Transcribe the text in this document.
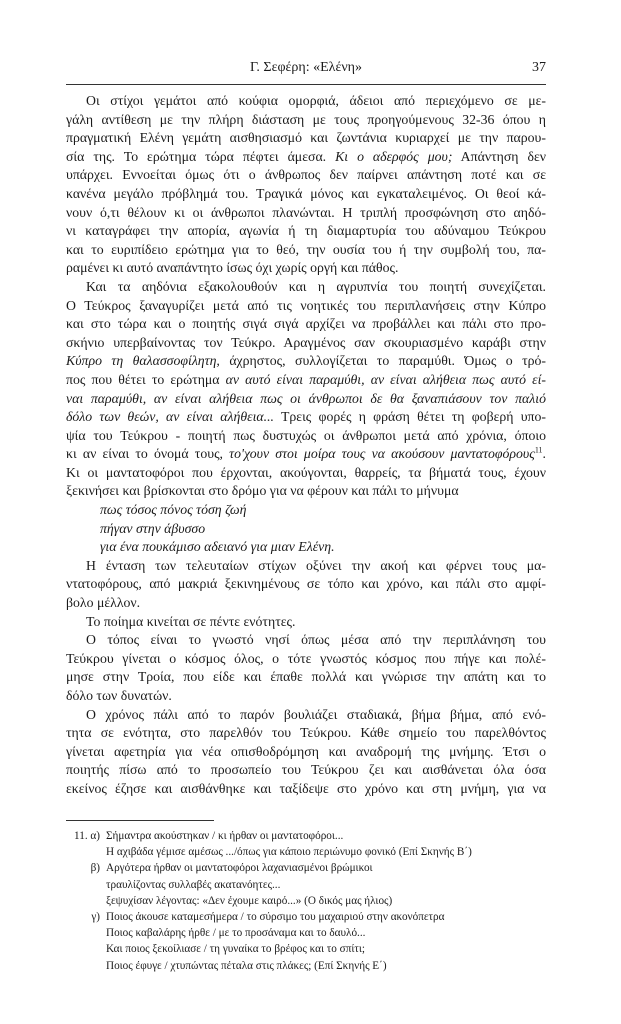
Γ. Σεφέρη: «Ελένη»	37
Οι στίχοι γεμάτοι από κούφια ομορφιά, άδειοι από περιεχόμενο σε με-
γάλη αντίθεση με την πλήρη διάσταση με τους προηγούμενους 32-36 όπου η
πραγματική Ελένη γεμάτη αισθησιασμό και ζωντάνια κυριαρχεί με την παρου-
σία της. Το ερώτημα τώρα πέφτει άμεσα. Κι ο αδερφός μου; Απάντηση δεν
υπάρχει. Εννοείται όμως ότι ο άνθρωπος δεν παίρνει απάντηση ποτέ και σε
κανένα μεγάλο πρόβλημά του. Τραγικά μόνος και εγκαταλειμένος. Οι θεοί κά-
νουν ό,τι θέλουν κι οι άνθρωποι πλανώνται. Η τριπλή προσφώνηση στο αηδό-
νι καταγράφει την απορία, αγωνία ή τη διαμαρτυρία του αδύναμου Τεύκρου
και το ευριπίδειο ερώτημα για το θεό, την ουσία του ή την συμβολή του, πα-
ραμένει κι αυτό αναπάντητο ίσως όχι χωρίς οργή και πάθος.
Και τα αηδόνια εξακολουθούν και η αγρυπνία του ποιητή συνεχίζεται.
Ο Τεύκρος ξαναγυρίζει μετά από τις νοητικές του περιπλανήσεις στην Κύπρο
και στο τώρα και ο ποιητής σιγά σιγά αρχίζει να προβάλλει και πάλι στο προ-
σκήνιο υπερβαίνοντας τον Τεύκρο. Αραγμένος σαν σκουριασμένο καράβι στην
Κύπρο τη θαλασσοφίλητη, άχρηστος, συλλογίζεται το παραμύθι. Όμως ο τρό-
πος που θέτει το ερώτημα αν αυτό είναι παραμύθι, αν είναι αλήθεια πως αυτό εί-
ναι παραμύθι, αν είναι αλήθεια πως οι άνθρωποι δε θα ξαναπιάσουν τον παλιό
δόλο των θεών, αν είναι αλήθεια... Τρεις φορές η φράση θέτει τη φοβερή υπο-
ψία του Τεύκρου - ποιητή πως δυστυχώς οι άνθρωποι μετά από χρόνια, όποιο
κι αν είναι το όνομά τους, το'χουν στοι μοίρα τους να ακούσουν μαντατοφόρους$^{11}$.
Κι οι μαντατοφόροι που έρχονται, ακούγονται, θαρρείς, τα βήματά τους, έχουν
ξεκινήσει και βρίσκονται στο δρόμο για να φέρουν και πάλι το μήνυμα
πως τόσος πόνος τόση ζωή
πήγαν στην άβυσσο
για ένα πουκάμισο αδειανό για μιαν Ελένη.
Η ένταση των τελευταίων στίχων οξύνει την ακοή και φέρνει τους μα-
ντατοφόρους, από μακριά ξεκινημένους σε τόπο και χρόνο, και πάλι στο αμφί-
βολο μέλλον.
Το ποίημα κινείται σε πέντε ενότητες.
Ο τόπος είναι το γνωστό νησί όπως μέσα από την περιπλάνηση του
Τεύκρου γίνεται ο κόσμος όλος, ο τότε γνωστός κόσμος που πήγε και πολέ-
μησε στην Τροία, που είδε και έπαθε πολλά και γνώρισε την απάτη και το
δόλο των δυνατών.
Ο χρόνος πάλι από το παρόν βουλιάζει σταδιακά, βήμα βήμα, από ενό-
τητα σε ενότητα, στο παρελθόν του Τεύκρου. Κάθε σημείο του παρελθόντος
γίνεται αφετηρία για νέα οπισθοδρόμηση και αναδρομή της μνήμης. Έτσι ο
ποιητής πίσω από το προσωπείο του Τεύκρου ζει και αισθάνεται όλα όσα
εκείνος έζησε και αισθάνθηκε και ταξίδεψε στο χρόνο και στη μνήμη, για να
11. α) Σήμαντρα ακούστηκαν / κι ήρθαν οι μαντατοφόροι...
Η αχιβάδα γέμισε αμέσως .../όπως για κάποιο περιώνυμο φονικό (Επί Σκηνής Β΄)
β) Αργότερα ήρθαν οι μαντατοφόροι λαχανιασμένοι βρώμικοι
τραυλίζοντας συλλαβές ακατανόητες...
ξεψυχίσαν λέγοντας: «Δεν έχουμε καιρό...» (Ο δικός μας ήλιος)
γ) Ποιος άκουσε καταμεσήμερα / το σύρσιμο του μαχαιριού στην ακονόπετρα
Ποιος καβαλάρης ήρθε / με το προσάναμα και το δαυλό...
Και ποιος ξεκοίλιασε / τη γυναίκα το βρέφος και το σπίτι;
Ποιος έφυγε / χτυπώντας πέταλα στις πλάκες; (Επί Σκηνής Ε΄)
